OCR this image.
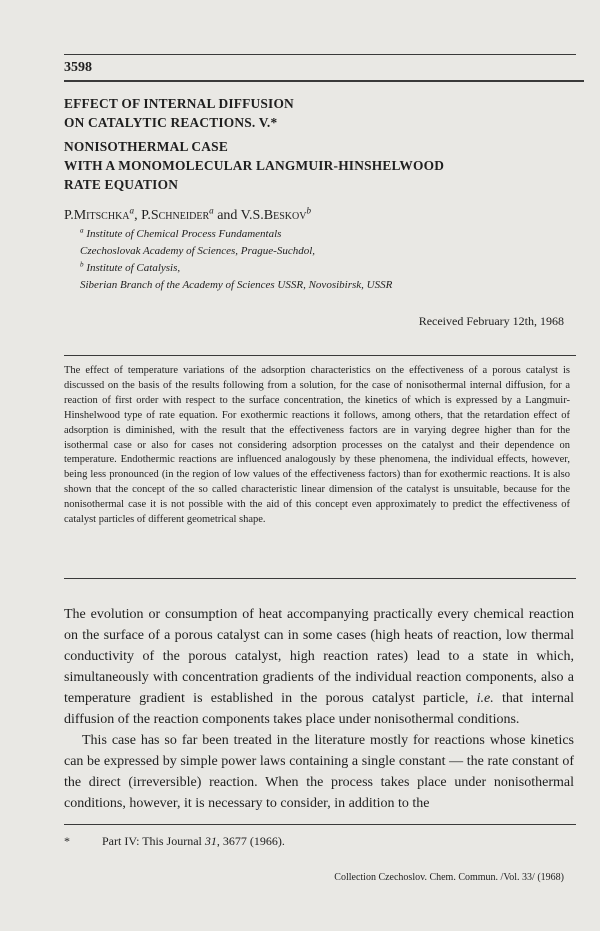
3598
EFFECT OF INTERNAL DIFFUSION
ON CATALYTIC REACTIONS. V.*
NONISOTHERMAL CASE
WITH A MONOMOLECULAR LANGMUIR-HINSHELWOOD
RATE EQUATION
P.Mitschka$^a$, P.Schneider$^a$ and V.S.Beskov$^b$
$^a$ Institute of Chemical Process Fundamentals
Czechoslovak Academy of Sciences, Prague-Suchdol,
$^b$ Institute of Catalysis,
Siberian Branch of the Academy of Sciences USSR, Novosibirsk, USSR
Received February 12th, 1968
The effect of temperature variations of the adsorption characteristics on the effectiveness of a porous catalyst is discussed on the basis of the results following from a solution, for the case of nonisothermal internal diffusion, for a reaction of first order with respect to the surface concentration, the kinetics of which is expressed by a Langmuir-Hinshelwood type of rate equation. For exothermic reactions it follows, among others, that the retardation effect of adsorption is diminished, with the result that the effectiveness factors are in varying degree higher than for the isothermal case or also for cases not considering adsorption processes on the catalyst and their dependence on temperature. Endothermic reactions are influenced analogously by these phenomena, the individual effects, however, being less pronounced (in the region of low values of the effectiveness factors) than for exothermic reactions. It is also shown that the concept of the so called characteristic linear dimension of the catalyst is unsuitable, because for the nonisothermal case it is not possible with the aid of this concept even approximately to predict the effectiveness of catalyst particles of different geometrical shape.

The evolution or consumption of heat accompanying practically every chemical reaction on the surface of a porous catalyst can in some cases (high heats of reaction, low thermal conductivity of the porous catalyst, high reaction rates) lead to a state in which, simultaneously with concentration gradients of the individual reaction components, also a temperature gradient is established in the porous catalyst particle, i.e. that internal diffusion of the reaction components takes place under nonisothermal conditions.

This case has so far been treated in the literature mostly for reactions whose kinetics can be expressed by simple power laws containing a single constant — the rate constant of the direct (irreversible) reaction. When the process takes place under nonisothermal conditions, however, it is necessary to consider, in addition to the

*	Part IV: This Journal 31, 3677 (1966).
Collection Czechoslov. Chem. Commun. /Vol. 33/ (1968)
